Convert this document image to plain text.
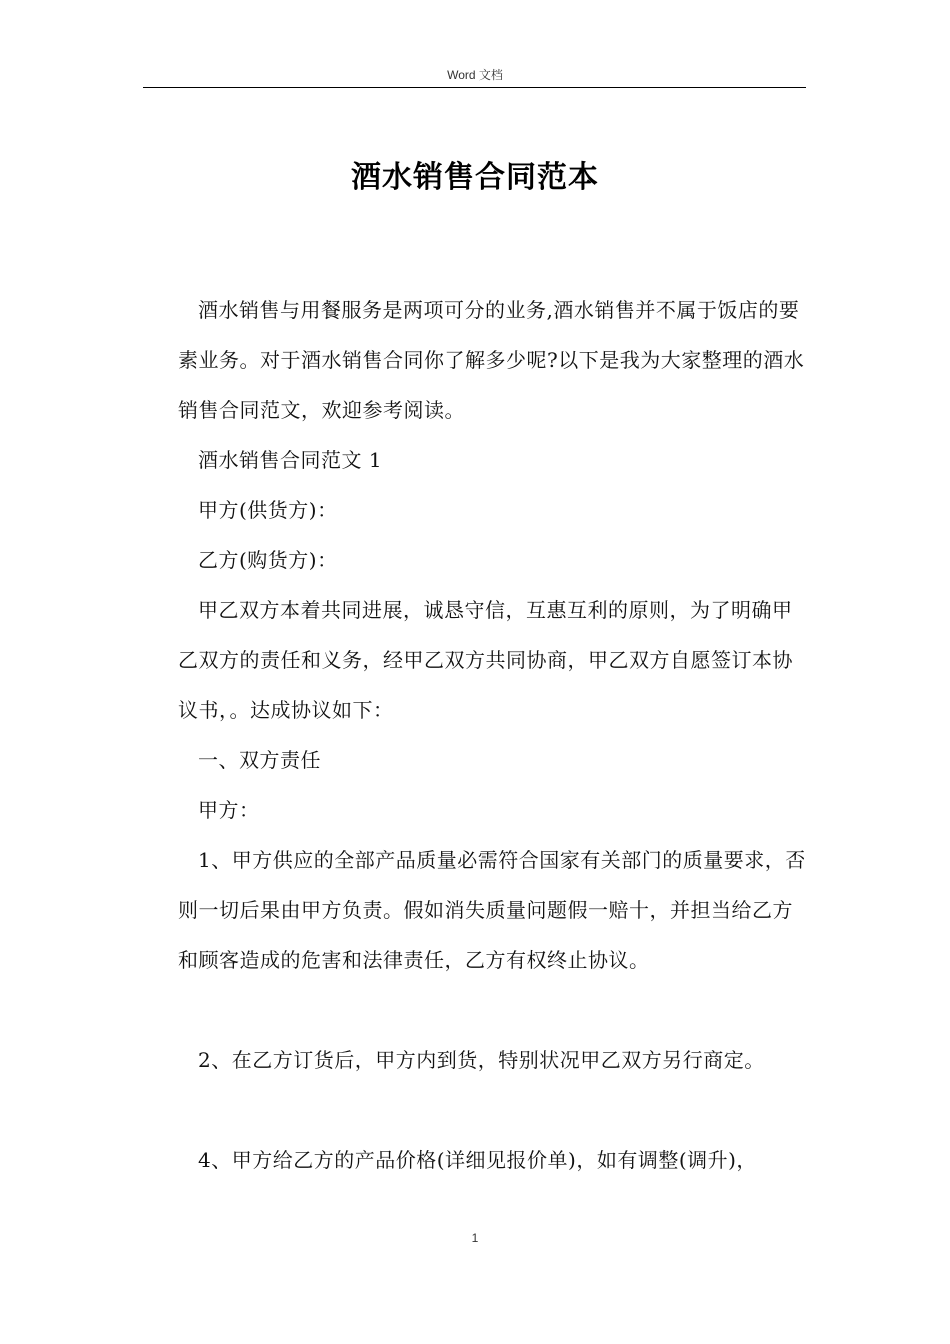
Word 文档
酒水销售合同范本

酒水销售与用餐服务是两项可分的业务,酒水销售并不属于饭店的要素业务。对于酒水销售合同你了解多少呢?以下是我为大家整理的酒水销售合同范文，欢迎参考阅读。

酒水销售合同范文 1

甲方(供货方)：

乙方(购货方)：

甲乙双方本着共同进展，诚恳守信，互惠互利的原则，为了明确甲乙双方的责任和义务，经甲乙双方共同协商，甲乙双方自愿签订本协议书，。达成协议如下：

一、双方责任

甲方：

1、甲方供应的全部产品质量必需符合国家有关部门的质量要求，否则一切后果由甲方负责。假如消失质量问题假一赔十，并担当给乙方和顾客造成的危害和法律责任，乙方有权终止协议。

2、在乙方订货后，甲方内到货，特别状况甲乙双方另行商定。

4、甲方给乙方的产品价格(详细见报价单)，如有调整(调升)，

1
